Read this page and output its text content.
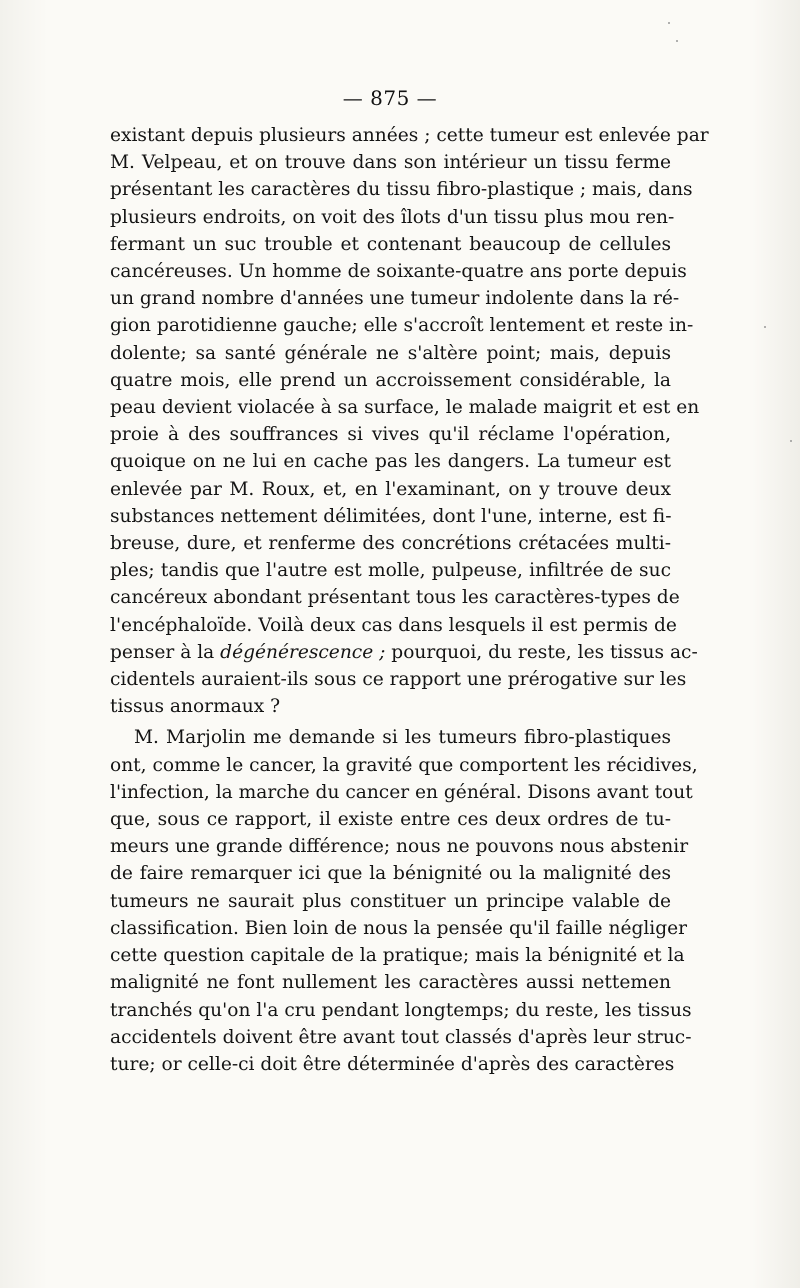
— 875 —
existant depuis plusieurs années ; cette tumeur est enlevée par
M. Velpeau, et on trouve dans son intérieur un tissu ferme
présentant les caractères du tissu fibro-plastique ; mais, dans
plusieurs endroits, on voit des îlots d'un tissu plus mou ren-
fermant un suc trouble et contenant beaucoup de cellules
cancéreuses. Un homme de soixante-quatre ans porte depuis
un grand nombre d'années une tumeur indolente dans la ré-
gion parotidienne gauche; elle s'accroît lentement et reste in-
dolente; sa santé générale ne s'altère point; mais, depuis
quatre mois, elle prend un accroissement considérable, la
peau devient violacée à sa surface, le malade maigrit et est en
proie à des souffrances si vives qu'il réclame l'opération,
quoique on ne lui en cache pas les dangers. La tumeur est
enlevée par M. Roux, et, en l'examinant, on y trouve deux
substances nettement délimitées, dont l'une, interne, est fi-
breuse, dure, et renferme des concrétions crétacées multi-
ples; tandis que l'autre est molle, pulpeuse, infiltrée de suc
cancéreux abondant présentant tous les caractères-types de
l'encéphaloïde. Voilà deux cas dans lesquels il est permis de
penser à la dégénérescence ; pourquoi, du reste, les tissus ac-
cidentels auraient-ils sous ce rapport une prérogative sur les
tissus anormaux ?
M. Marjolin me demande si les tumeurs fibro-plastiques
ont, comme le cancer, la gravité que comportent les récidives,
l'infection, la marche du cancer en général. Disons avant tout
que, sous ce rapport, il existe entre ces deux ordres de tu-
meurs une grande différence; nous ne pouvons nous abstenir
de faire remarquer ici que la bénignité ou la malignité des
tumeurs ne saurait plus constituer un principe valable de
classification. Bien loin de nous la pensée qu'il faille négliger
cette question capitale de la pratique; mais la bénignité et la
malignité ne font nullement les caractères aussi nettemen
tranchés qu'on l'a cru pendant longtemps; du reste, les tissus
accidentels doivent être avant tout classés d'après leur struc-
ture; or celle-ci doit être déterminée d'après des caractères
